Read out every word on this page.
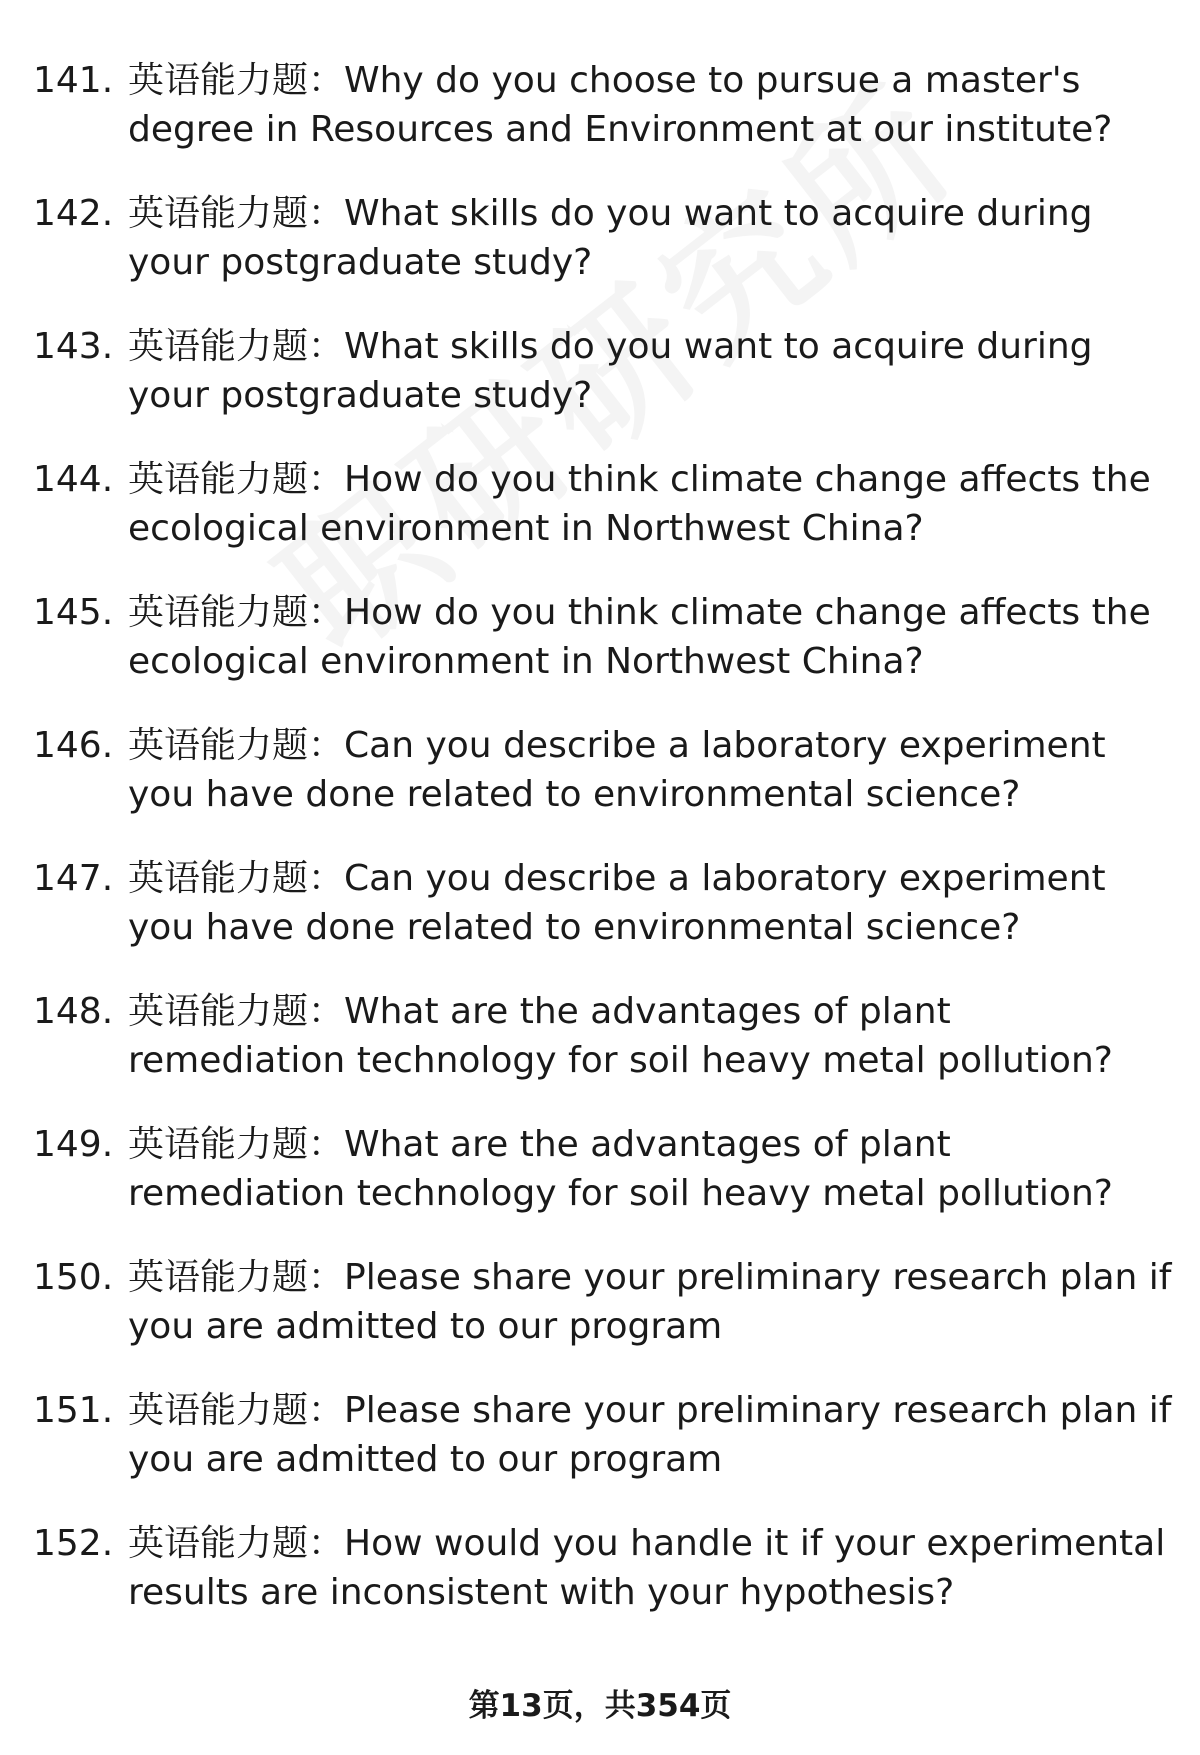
141. 英语能力题：Why do you choose to pursue a master's degree in Resources and Environment at our institute?
142. 英语能力题：What skills do you want to acquire during your postgraduate study?
143. 英语能力题：What skills do you want to acquire during your postgraduate study?
144. 英语能力题：How do you think climate change affects the ecological environment in Northwest China?
145. 英语能力题：How do you think climate change affects the ecological environment in Northwest China?
146. 英语能力题：Can you describe a laboratory experiment you have done related to environmental science?
147. 英语能力题：Can you describe a laboratory experiment you have done related to environmental science?
148. 英语能力题：What are the advantages of plant remediation technology for soil heavy metal pollution?
149. 英语能力题：What are the advantages of plant remediation technology for soil heavy metal pollution?
150. 英语能力题：Please share your preliminary research plan if you are admitted to our program
151. 英语能力题：Please share your preliminary research plan if you are admitted to our program
152. 英语能力题：How would you handle it if your experimental results are inconsistent with your hypothesis?
第13页，共354页
